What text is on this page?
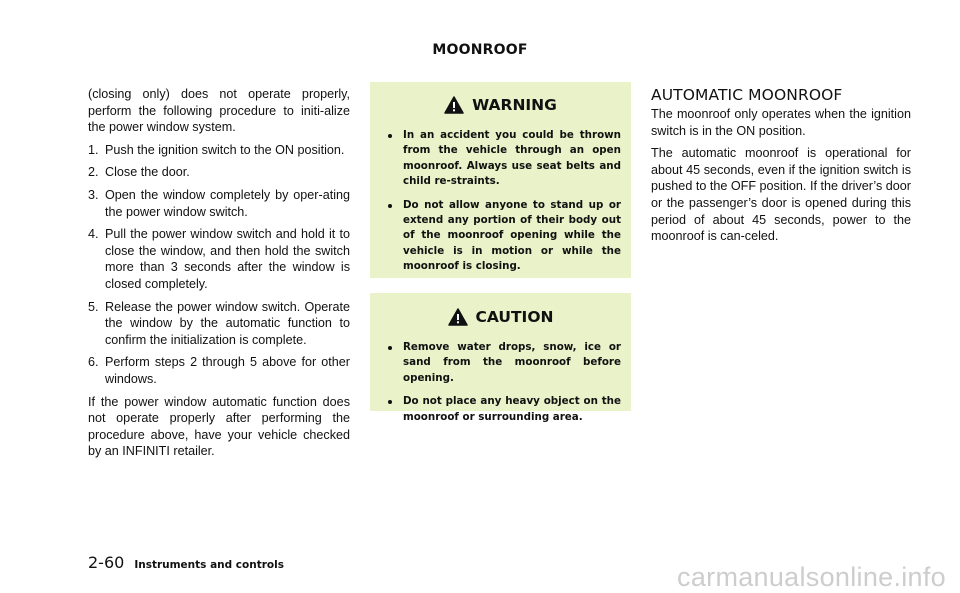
MOONROOF

(closing only) does not operate properly, perform the following procedure to initi-alize the power window system.

1. Push the ignition switch to the ON position.
2. Close the door.
3. Open the window completely by oper-ating the power window switch.
4. Pull the power window switch and hold it to close the window, and then hold the switch more than 3 seconds after the window is closed completely.
5. Release the power window switch. Operate the window by the automatic function to confirm the initialization is complete.
6. Perform steps 2 through 5 above for other windows.

If the power window automatic function does not operate properly after performing the procedure above, have your vehicle checked by an INFINITI retailer.

WARNING
In an accident you could be thrown from the vehicle through an open moonroof. Always use seat belts and child re-straints.
Do not allow anyone to stand up or extend any portion of their body out of the moonroof opening while the vehicle is in motion or while the moonroof is closing.
CAUTION
Remove water drops, snow, ice or sand from the moonroof before opening.
Do not place any heavy object on the moonroof or surrounding area.
AUTOMATIC MOONROOF

The moonroof only operates when the ignition switch is in the ON position.

The automatic moonroof is operational for about 45 seconds, even if the ignition switch is pushed to the OFF position. If the driver’s door or the passenger’s door is opened during this period of about 45 seconds, power to the moonroof is can-celed.

2-60 Instruments and controls	carmanualsonline.info
